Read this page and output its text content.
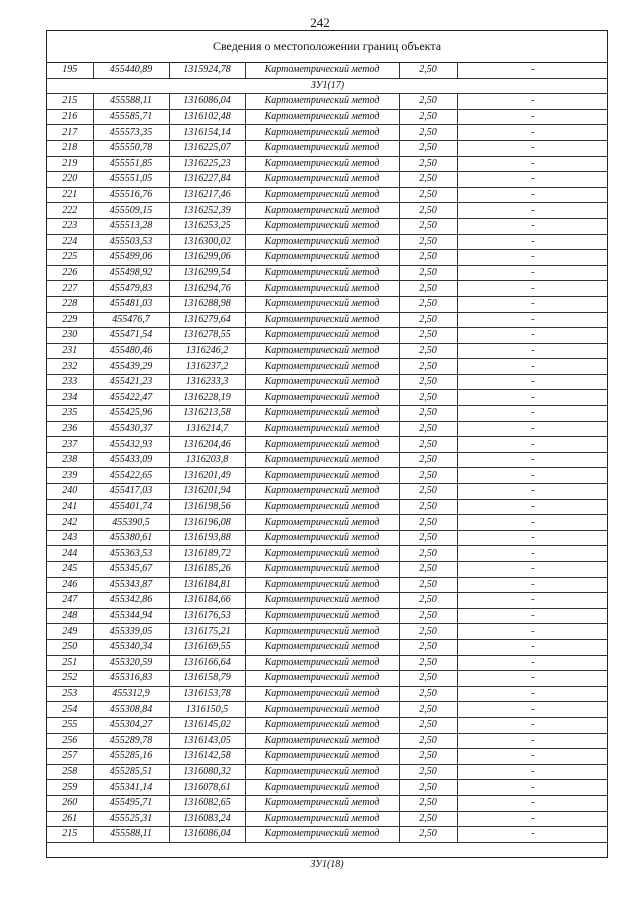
242
Сведения о местоположении границ объекта
195	455440,89	1315924,78	Картометрический метод	2,50	-
ЗУ1(17)					
215	455588,11	1316086,04	Картометрический метод	2,50	-
216	455585,71	1316102,48	Картометрический метод	2,50	-
217	455573,35	1316154,14	Картометрический метод	2,50	-
218	455550,78	1316225,07	Картометрический метод	2,50	-
219	455551,85	1316225,23	Картометрический метод	2,50	-
220	455551,05	1316227,84	Картометрический метод	2,50	-
221	455516,76	1316217,46	Картометрический метод	2,50	-
222	455509,15	1316252,39	Картометрический метод	2,50	-
223	455513,28	1316253,25	Картометрический метод	2,50	-
224	455503,53	1316300,02	Картометрический метод	2,50	-
225	455499,06	1316299,06	Картометрический метод	2,50	-
226	455498,92	1316299,54	Картометрический метод	2,50	-
227	455479,83	1316294,76	Картометрический метод	2,50	-
228	455481,03	1316288,98	Картометрический метод	2,50	-
229	455476,7	1316279,64	Картометрический метод	2,50	-
230	455471,54	1316278,55	Картометрический метод	2,50	-
231	455480,46	1316246,2	Картометрический метод	2,50	-
232	455439,29	1316237,2	Картометрический метод	2,50	-
233	455421,23	1316233,3	Картометрический метод	2,50	-
234	455422,47	1316228,19	Картометрический метод	2,50	-
235	455425,96	1316213,58	Картометрический метод	2,50	-
236	455430,37	1316214,7	Картометрический метод	2,50	-
237	455432,93	1316204,46	Картометрический метод	2,50	-
238	455433,09	1316203,8	Картометрический метод	2,50	-
239	455422,65	1316201,49	Картометрический метод	2,50	-
240	455417,03	1316201,94	Картометрический метод	2,50	-
241	455401,74	1316198,56	Картометрический метод	2,50	-
242	455390,5	1316196,08	Картометрический метод	2,50	-
243	455380,61	1316193,88	Картометрический метод	2,50	-
244	455363,53	1316189,72	Картометрический метод	2,50	-
245	455345,67	1316185,26	Картометрический метод	2,50	-
246	455343,87	1316184,81	Картометрический метод	2,50	-
247	455342,86	1316184,66	Картометрический метод	2,50	-
248	455344,94	1316176,53	Картометрический метод	2,50	-
249	455339,05	1316175,21	Картометрический метод	2,50	-
250	455340,34	1316169,55	Картометрический метод	2,50	-
251	455320,59	1316166,64	Картометрический метод	2,50	-
252	455316,83	1316158,79	Картометрический метод	2,50	-
253	455312,9	1316153,78	Картометрический метод	2,50	-
254	455308,84	1316150,5	Картометрический метод	2,50	-
255	455304,27	1316145,02	Картометрический метод	2,50	-
256	455289,78	1316143,05	Картометрический метод	2,50	-
257	455285,16	1316142,58	Картометрический метод	2,50	-
258	455285,51	1316080,32	Картометрический метод	2,50	-
259	455341,14	1316078,61	Картометрический метод	2,50	-
260	455495,71	1316082,65	Картометрический метод	2,50	-
261	455525,31	1316083,24	Картометрический метод	2,50	-
215	455588,11	1316086,04	Картометрический метод	2,50	-
ЗУ1(18)
